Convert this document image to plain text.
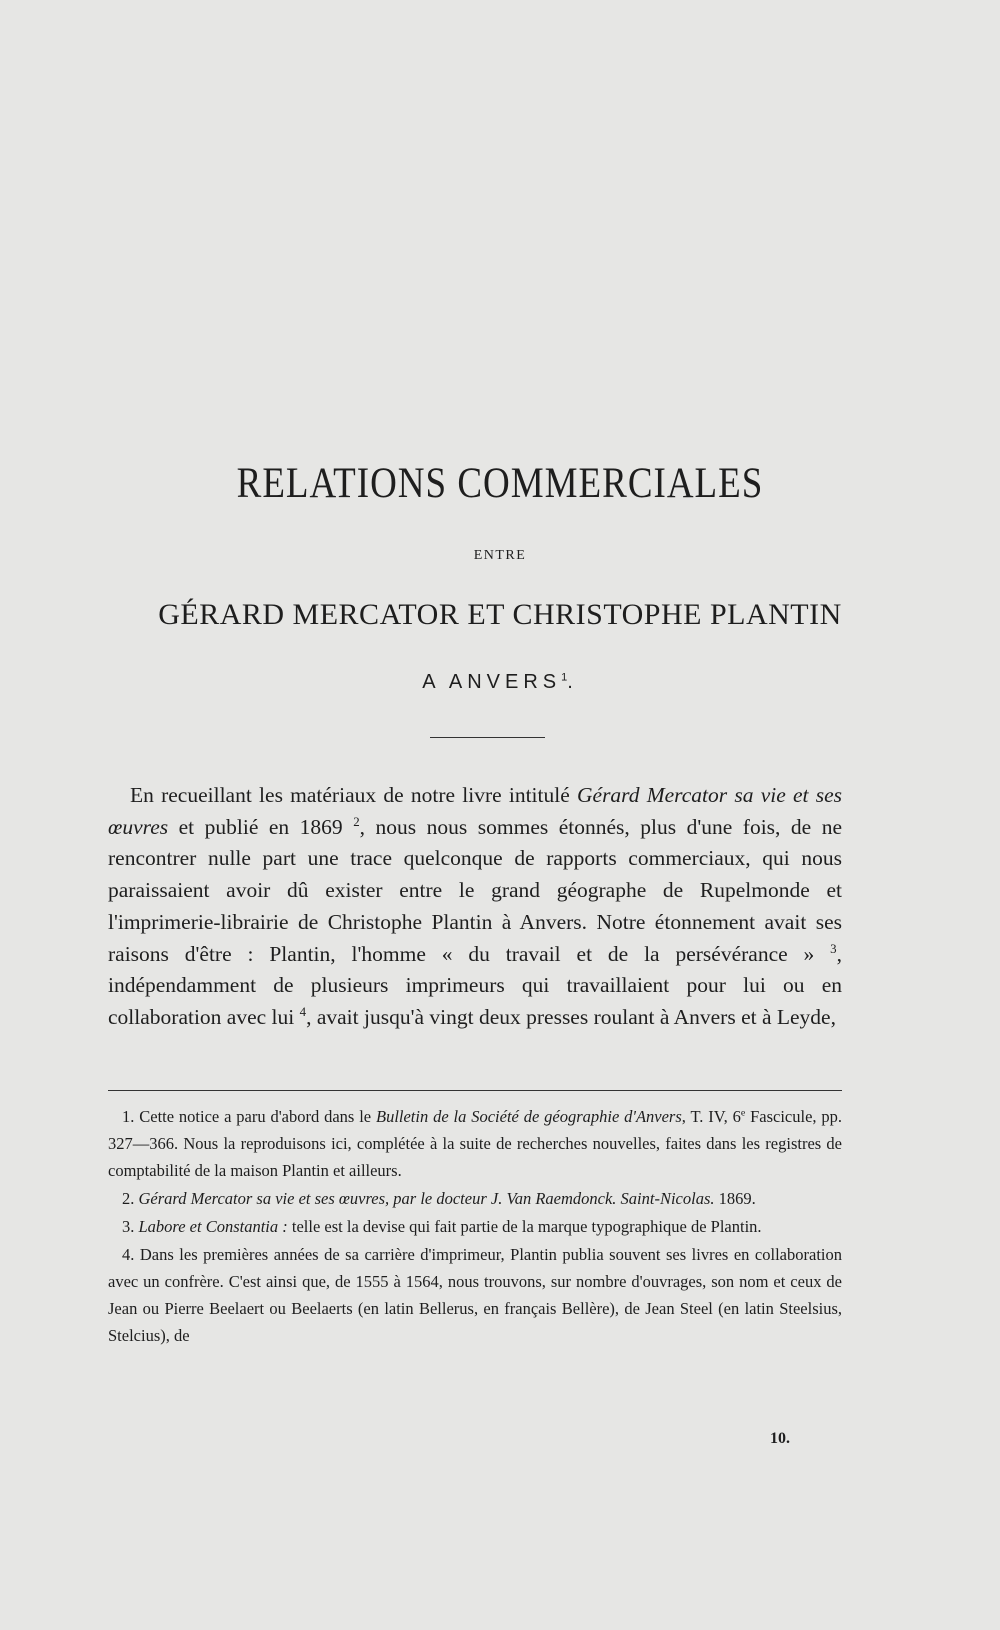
RELATIONS COMMERCIALES
ENTRE
GÉRARD MERCATOR ET CHRISTOPHE PLANTIN
A ANVERS$^1$.

En recueillant les matériaux de notre livre intitulé Gérard Mercator sa vie et ses œuvres et publié en 1869 $^2$, nous nous sommes étonnés, plus d'une fois, de ne rencontrer nulle part une trace quelconque de rapports commerciaux, qui nous paraissaient avoir dû exister entre le grand géographe de Rupelmonde et l'imprimerie-librairie de Christophe Plantin à Anvers. Notre étonnement avait ses raisons d'être : Plantin, l'homme « du travail et de la persévérance » $^3$, indépendamment de plusieurs imprimeurs qui travaillaient pour lui ou en collaboration avec lui $^4$, avait jusqu'à vingt deux presses roulant à Anvers et à Leyde,

1. Cette notice a paru d'abord dans le Bulletin de la Société de géographie d'Anvers, T. IV, 6e Fascicule, pp. 327—366. Nous la reproduisons ici, complétée à la suite de recherches nouvelles, faites dans les registres de comptabilité de la maison Plantin et ailleurs.

2. Gérard Mercator sa vie et ses œuvres, par le docteur J. Van Raemdonck. Saint-Nicolas. 1869.

3. Labore et Constantia : telle est la devise qui fait partie de la marque typographique de Plantin.

4. Dans les premières années de sa carrière d'imprimeur, Plantin publia souvent ses livres en collaboration avec un confrère. C'est ainsi que, de 1555 à 1564, nous trouvons, sur nombre d'ouvrages, son nom et ceux de Jean ou Pierre Beelaert ou Beelaerts (en latin Bellerus, en français Bellère), de Jean Steel (en latin Steelsius, Stelcius), de

10.
